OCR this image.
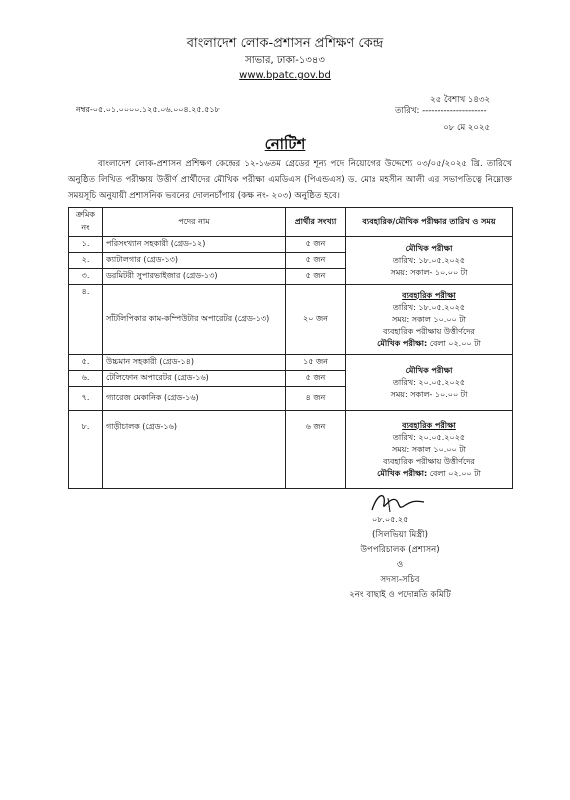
বাংলাদেশ লোক-প্রশাসন প্রশিক্ষণ কেন্দ্র
সাভার, ঢাকা-১৩৪৩
www.bpatc.gov.bd
২৫ বৈশাখ ১৪৩২
নম্বর-০৫.০১.০০০০.১২৫.০৬.০০৪.২৫.৫১৮	তারিখ: ---------------------
০৮ মে ২০২৫
নোটিশ
বাংলাদেশ লোক-প্রশাসন প্রশিক্ষণ কেন্দ্রের ১২-১৬তম গ্রেডের শূন্য পদে নিয়োগের উদ্দেশ্যে ০৩/০৫/২০২৫ খ্রি. তারিখে অনুষ্ঠিত লিখিত পরীক্ষায় উত্তীর্ণ প্রার্থীদের মৌখিক পরীক্ষা এমডিএস (পিএন্ডএস) ড. মোঃ মহসীন আলী এর সভাপতিত্বে নিম্নোক্ত সময়সূচি অনুযায়ী প্রশাসনিক ভবনের দোলনচাঁপায় (কক্ষ নং- ২০৩) অনুষ্ঠিত হবে।
ক্রমিক নং	পদের নাম	প্রার্থীর সংখ্যা	ব্যবহারিক/মৌখিক পরীক্ষার তারিখ ও সময়
১.	পরিসংখ্যান সহকারী (গ্রেড-১২)	৫ জন	মৌখিক পরীক্ষা
তারিখ: ১৮.০৫.২০২৫
সময়: সকাল- ১০.০০ টা

২.	ক্যাটালগার (গ্রেড-১৩)	৫ জন	
৩.	ডরমিটরী সুপারভাইজার (গ্রেড-১৩)	৫ জন	
৪.	সাঁটলিপিকার কাম-কম্পিউটার অপারেটর (গ্রেড-১৩)	২০ জন	ব্যবহারিক পরীক্ষা
তারিখ: ১৮.০৫.২০২৫
সময়: সকাল ১০.০০ টা
ব্যবহারিক পরীক্ষায় উত্তীর্ণদের
মৌখিক পরীক্ষা: বেলা ০২.০০ টা

৫.	উচ্চমান সহকারী (গ্রেড-১৪)	১৫ জন	মৌখিক পরীক্ষা
তারিখ: ২০.০৫.২০২৫
সময়: সকাল- ১০.০০ টা

৬.	টেলিফোন অপারেটর (গ্রেড-১৬)	৫ জন	
৭.	গ্যারেজ মেকানিক (গ্রেড-১৬)	৪ জন	
৮.	গাড়ীচালক (গ্রেড-১৬)	৬ জন	ব্যবহারিক পরীক্ষা
তারিখ: ২০.০৫.২০২৫
সময়: সকাল ১০.০০ টা
ব্যবহারিক পরীক্ষায় উত্তীর্ণদের
মৌখিক পরীক্ষা: বেলা ০২.০০ টা
০৮.০৫.২৫
(সিলভিয়া মিস্ত্রী)
উপপরিচালক (প্রশাসন)
ও
সদস্য-সচিব
২নং বাছাই ও পদোন্নতি কমিটি
